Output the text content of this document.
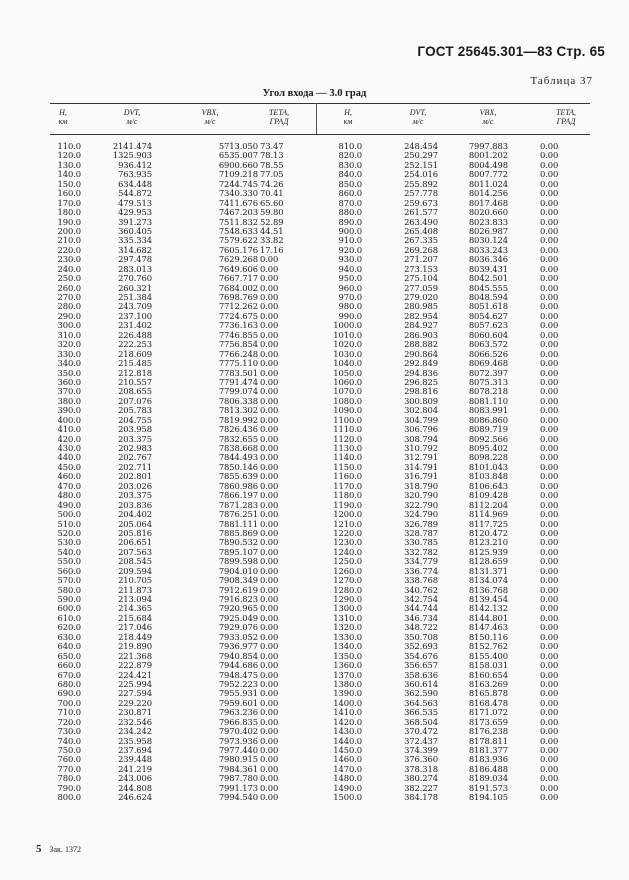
ГОСТ 25645.301—83 Стр. 65
Таблица 37
Угол входа — 3.0 град
H,
км
DVT,
м/с
VBX,
м/с
TETA,
ГРАД
H,
км
DVT,
м/с
VBX,
м/с
TETA,
ГРАД
110.0
120.0
130.0
140.0
150.0
160.0
170.0
180.0
190.0
200.0
210.0
220.0
230.0
240.0
250.0
260.0
270.0
280.0
290.0
300.0
310.0
320.0
330.0
340.0
350.0
360.0
370.0
380.0
390.0
400.0
410.0
420.0
430.0
440.0
450.0
460.0
470.0
480.0
490.0
500.0
510.0
520.0
530.0
540.0
550.0
560.0
570.0
580.0
590.0
600.0
610.0
620.0
630.0
640.0
650.0
660.0
670.0
680.0
690.0
700.0
710.0
720.0
730.0
740.0
750.0
760.0
770.0
780.0
790.0
800.0
2141.474
1325.903
936.412
763.935
634.448
544.872
479.513
429.953
391.273
360.405
335.334
314.682
297.478
283.013
270.760
260.321
251.384
243.709
237.100
231.402
226.488
222.253
218.609
215.485
212.818
210.557
208.655
207.076
205.783
204.755
203.958
203.375
202.983
202.767
202.711
202.801
203.026
203.375
203.836
204.402
205.064
205.816
206.651
207.563
208.545
209.594
210.705
211.873
213.094
214.365
215.684
217.046
218.449
219.890
221.368
222.879
224.421
225.994
227.594
229.220
230.871
232.546
234.242
235.958
237.694
239.448
241.219
243.006
244.808
246.624
5713.050
6535.007
6900.660
7109.218
7244.745
7340.330
7411.676
7467.203
7511.832
7548.633
7579.622
7605.176
7629.268
7649.606
7667.717
7684.002
7698.769
7712.262
7724.675
7736.163
7746.855
7756.854
7766.248
7775.110
7783.501
7791.474
7799.074
7806.338
7813.302
7819.992
7826.436
7832.655
7838.668
7844.493
7850.146
7855.639
7860.986
7866.197
7871.283
7876.251
7881.111
7885.869
7890.532
7895.107
7899.598
7904.010
7908.349
7912.619
7916.823
7920.965
7925.049
7929.076
7933.052
7936.977
7940.854
7944.686
7948.475
7952.223
7955.931
7959.601
7963.236
7966.835
7970.402
7973.936
7977.440
7980.915
7984.361
7987.780
7991.173
7994.540
73.47
78.13
78.55
77.05
74.26
70.41
65.60
59.80
52.89
44.51
33.82
17.16
0.00
0.00
0.00
0.00
0.00
0.00
0.00
0.00
0.00
0.00
0.00
0.00
0.00
0.00
0.00
0.00
0.00
0.00
0.00
0.00
0.00
0.00
0.00
0.00
0.00
0.00
0.00
0.00
0.00
0.00
0.00
0.00
0.00
0.00
0.00
0.00
0.00
0.00
0.00
0.00
0.00
0.00
0.00
0.00
0.00
0.00
0.00
0.00
0.00
0.00
0.00
0.00
0.00
0.00
0.00
0.00
0.00
0.00
810.0
820.0
830.0
840.0
850.0
860.0
870.0
880.0
890.0
900.0
910.0
920.0
930.0
940.0
950.0
960.0
970.0
980.0
990.0
1000.0
1010.0
1020.0
1030.0
1040.0
1050.0
1060.0
1070.0
1080.0
1090.0
1100.0
1110.0
1120.0
1130.0
1140.0
1150.0
1160.0
1170.0
1180.0
1190.0
1200.0
1210.0
1220.0
1230.0
1240.0
1250.0
1260.0
1270.0
1280.0
1290.0
1300.0
1310.0
1320.0
1330.0
1340.0
1350.0
1360.0
1370.0
1380.0
1390.0
1400.0
1410.0
1420.0
1430.0
1440.0
1450.0
1460.0
1470.0
1480.0
1490.0
1500.0
248.454
250.297
252.151
254.016
255.892
257.778
259.673
261.577
263.490
265.408
267.335
269.268
271.207
273.153
275.104
277.059
279.020
280.985
282.954
284.927
286.903
288.882
290.864
292.849
294.836
296.825
298.816
300.809
302.804
304.799
306.796
308.794
310.792
312.791
314.791
316.791
318.790
320.790
322.790
324.790
326.789
328.787
330.785
332.782
334.779
336.774
338.768
340.762
342.754
344.744
346.734
348.722
350.708
352.693
354.676
356.657
358.636
360.614
362.590
364.563
366.535
368.504
370.472
372.437
374.399
376.360
378.318
380.274
382.227
384.178
7997.883
8001.202
8004.498
8007.772
8011.024
8014.256
8017.468
8020.660
8023.833
8026.987
8030.124
8033.243
8036.346
8039.431
8042.501
8045.555
8048.594
8051.618
8054.627
8057.623
8060.604
8063.572
8066.526
8069.468
8072.397
8075.313
8078.218
8081.110
8083.991
8086.860
8089.719
8092.566
8095.402
8098.228
8101.043
8103.848
8106.643
8109.428
8112.204
8114.969
8117.725
8120.472
8123.210
8125.939
8128.659
8131.371
8134.074
8136.768
8139.454
8142.132
8144.801
8147.463
8150.116
8152.762
8155.400
8158.031
8160.654
8163.269
8165.878
8168.478
8171.072
8173.659
8176.238
8178.811
8181.377
8183.936
8186.488
8189.034
8191.573
8194.105
0.00
0.00
0.00
0.00
0.00
0.00
0.00
0.00
0.00
0.00
0.00
0.00
0.00
0.00
0.00
0.00
0.00
0.00
0.00
0.00
0.00
0.00
0.00
0.00
0.00
0.00
0.00
0.00
0.00
0.00
0.00
0.00
0.00
0.00
0.00
0.00
0.00
0.00
0.00
0.00
0.00
0.00
0.00
0.00
0.00
0.00
0.00
0.00
0.00
0.00
0.00
0.00
0.00
0.00
0.00
0.00
0.00
0.00
0.00
0.00
0.00
0.00
0.00
0.00
0.00
0.00
0.00
0.00
0.00
0.00
5 Зак. 1372
